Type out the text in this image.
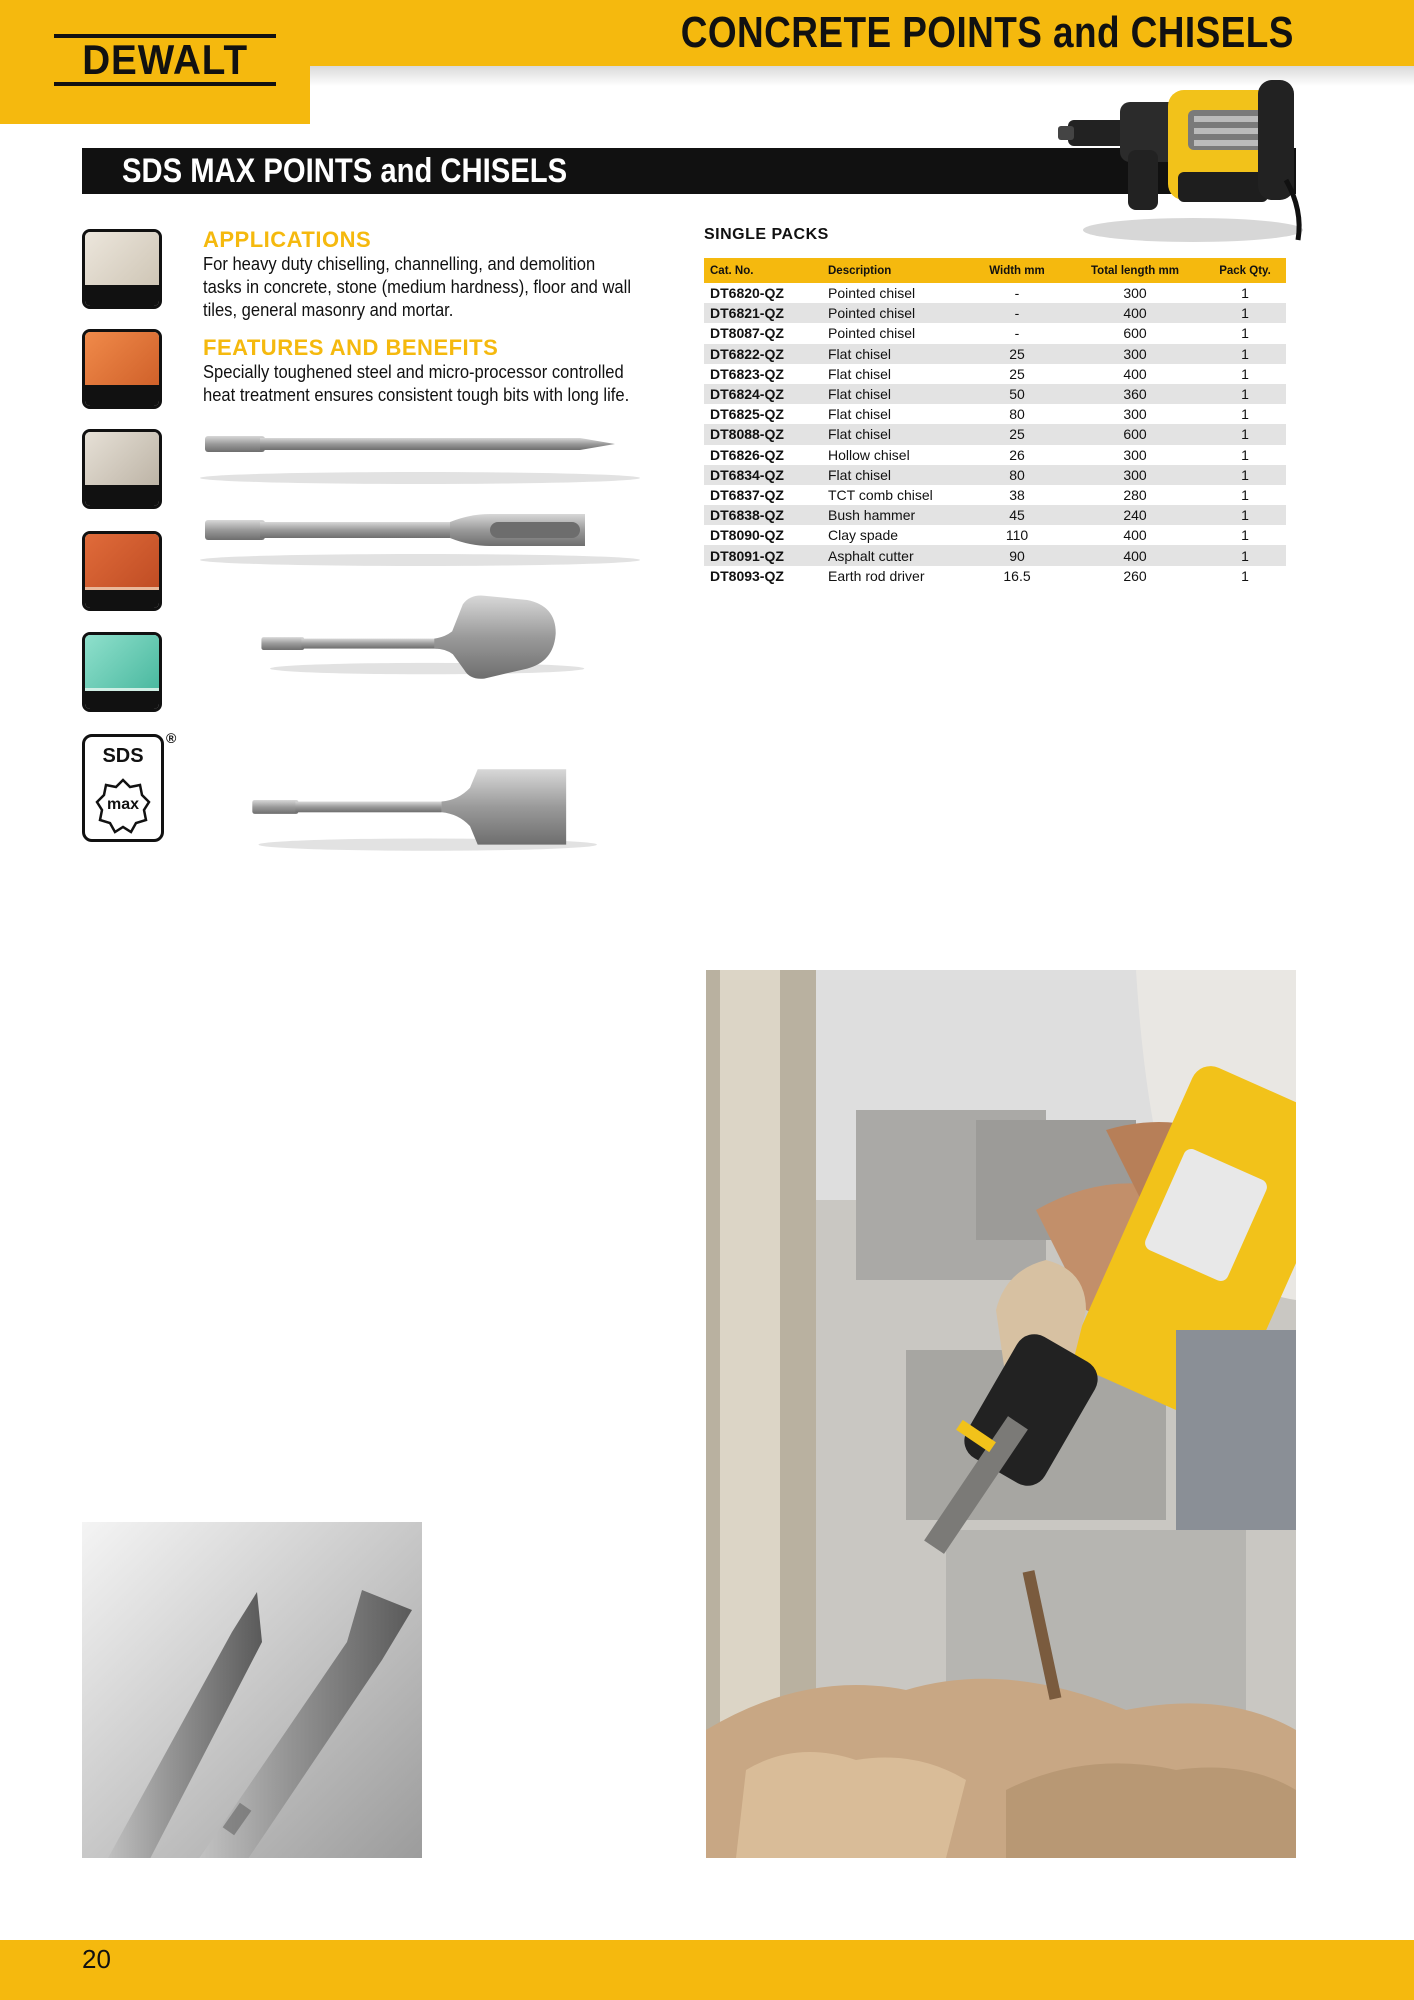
DEWALT
CONCRETE POINTS and CHISELS
SDS MAX POINTS and CHISELS
SDS
max
®
APPLICATIONS
For heavy duty chiselling, channelling, and demolition tasks in concrete, stone (medium hardness), floor and wall tiles, general masonry and mortar.
FEATURES AND BENEFITS
Specially toughened steel and micro-processor controlled heat treatment ensures consistent tough bits with long life.
SINGLE PACKS
Cat. No.	Description	Width mm	Total length mm	Pack Qty.
DT6820-QZ	Pointed chisel	-	300	1
DT6821-QZ	Pointed chisel	-	400	1
DT8087-QZ	Pointed chisel	-	600	1
DT6822-QZ	Flat chisel	25	300	1
DT6823-QZ	Flat chisel	25	400	1
DT6824-QZ	Flat chisel	50	360	1
DT6825-QZ	Flat chisel	80	300	1
DT8088-QZ	Flat chisel	25	600	1
DT6826-QZ	Hollow chisel	26	300	1
DT6834-QZ	Flat chisel	80	300	1
DT6837-QZ	TCT comb chisel	38	280	1
DT6838-QZ	Bush hammer	45	240	1
DT8090-QZ	Clay spade	110	400	1
DT8091-QZ	Asphalt cutter	90	400	1
DT8093-QZ	Earth rod driver	16.5	260	1
20
